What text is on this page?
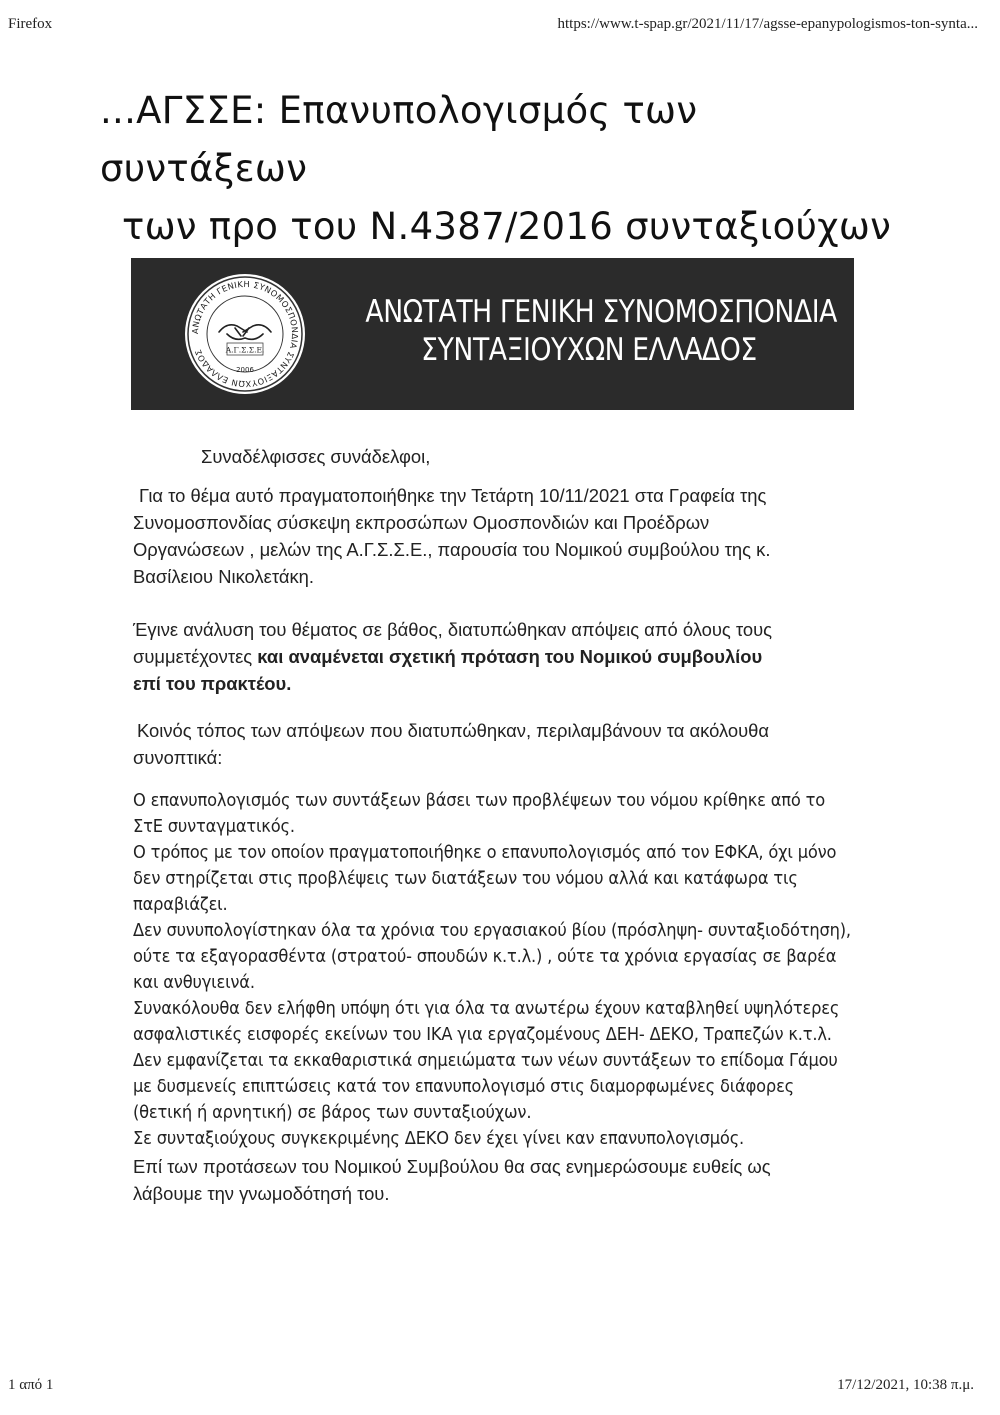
Firefox	https://www.t-spap.gr/2021/11/17/agsse-epanypologismos-ton-synta...
...ΑΓΣΣΕ: Επανυπολογισμός των συντάξεων
των προ του Ν.4387/2016 συνταξιούχων
ΑΝΩΤΑΤΗ ΓΕΝΙΚΗ ΣΥΝΟΜΟΣΠΟΝΔΙΑ ΣΥΝΤΑΞΙΟΥΧΩΝ ΕΛΛΑΔΟΣ	Α.Γ.Σ.Σ.Ε.
2006
ΑΝΩΤΑΤΗ ΓΕΝΙΚΗ ΣΥΝΟΜΟΣΠΟΝΔΙΑ
ΣΥΝΤΑΞΙΟΥΧΩΝ ΕΛΛΑΔΟΣ
Συναδέλφισσες συνάδελφοι,
Για το θέμα αυτό πραγματοποιήθηκε την Τετάρτη 10/11/2021 στα Γραφεία της
Συνομοσπονδίας σύσκεψη εκπροσώπων Ομοσπονδιών και Προέδρων
Οργανώσεων , μελών της Α.Γ.Σ.Σ.Ε., παρουσία του Νομικού συμβούλου της κ.
Βασίλειου Νικολετάκη.
Έγινε ανάλυση του θέματος σε βάθος, διατυπώθηκαν απόψεις από όλους τους
συμμετέχοντες και αναμένεται σχετική πρόταση του Νομικού συμβουλίου
επί του πρακτέου.
Κοινός τόπος των απόψεων που διατυπώθηκαν, περιλαμβάνουν τα ακόλουθα
συνοπτικά:
Ο επανυπολογισμός των συντάξεων βάσει των προβλέψεων του νόμου κρίθηκε από το
ΣτΕ συνταγματικός.
Ο τρόπος με τον οποίον πραγματοποιήθηκε ο επανυπολογισμός από τον ΕΦΚΑ, όχι μόνο
δεν στηρίζεται στις προβλέψεις των διατάξεων του νόμου αλλά και κατάφωρα τις
παραβιάζει.
Δεν συνυπολογίστηκαν όλα τα χρόνια του εργασιακού βίου (πρόσληψη- συνταξιοδότηση),
ούτε τα εξαγορασθέντα (στρατού- σπουδών κ.τ.λ.) , ούτε τα χρόνια εργασίας σε βαρέα
και ανθυγιεινά.
Συνακόλουθα δεν ελήφθη υπόψη ότι για όλα τα ανωτέρω έχουν καταβληθεί υψηλότερες
ασφαλιστικές εισφορές εκείνων του ΙΚΑ για εργαζομένους ΔΕΗ- ΔΕΚΟ, Τραπεζών κ.τ.λ.
Δεν εμφανίζεται τα εκκαθαριστικά σημειώματα των νέων συντάξεων το επίδομα Γάμου
με δυσμενείς επιπτώσεις κατά τον επανυπολογισμό στις διαμορφωμένες διάφορες
(θετική ή αρνητική) σε βάρος των συνταξιούχων.
Σε συνταξιούχους συγκεκριμένης ΔΕΚΟ δεν έχει γίνει καν επανυπολογισμός.
Επί των προτάσεων του Νομικού Συμβούλου θα σας ενημερώσουμε ευθείς ως
λάβουμε την γνωμοδότησή του.
1 από 1	17/12/2021, 10:38 π.μ.
